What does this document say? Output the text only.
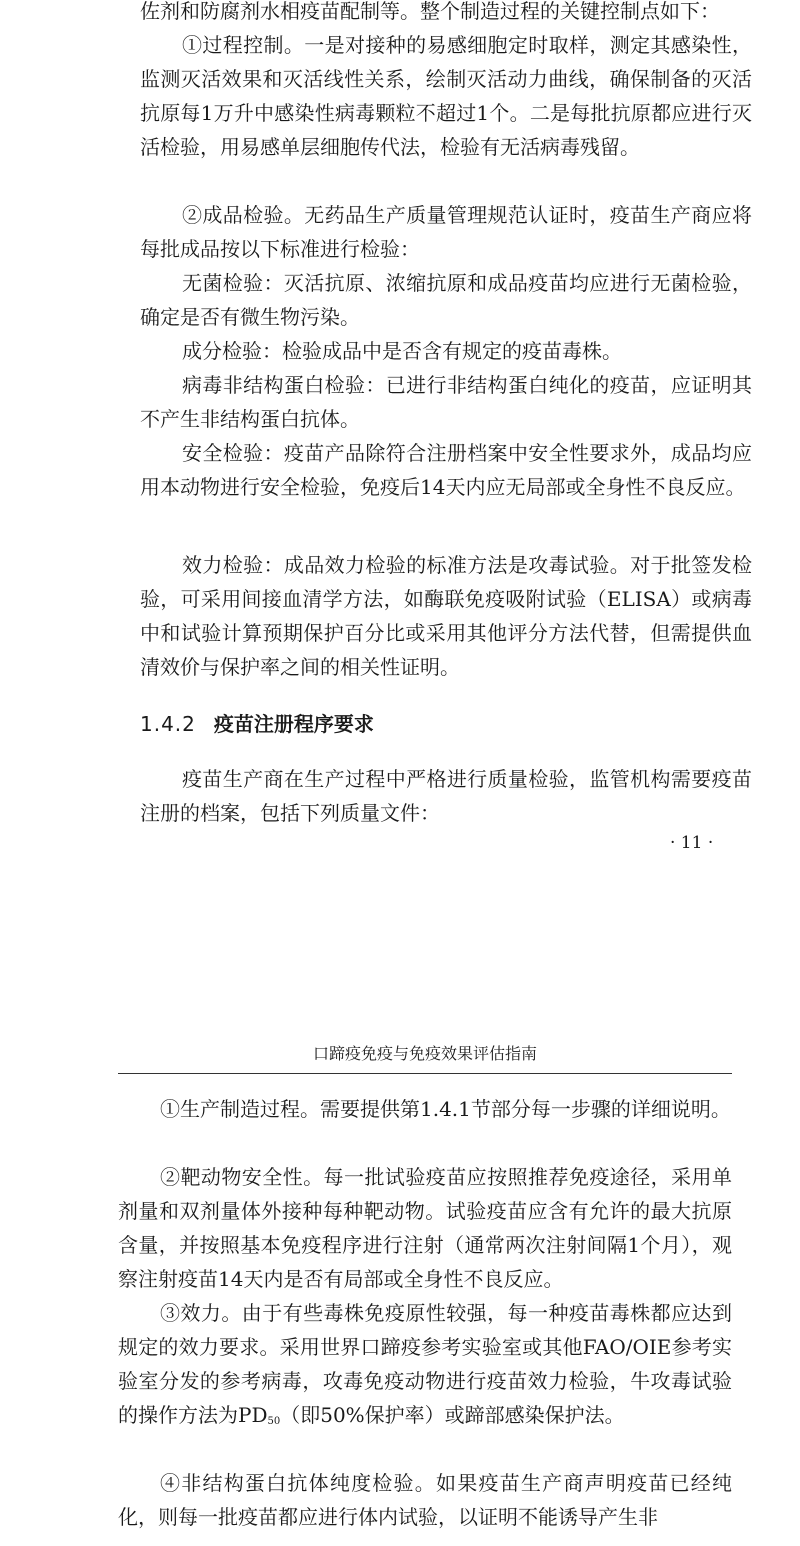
佐剂和防腐剂水相疫苗配制等。整个制造过程的关键控制点如下：

①过程控制。一是对接种的易感细胞定时取样，测定其感染性，监测灭活效果和灭活线性关系，绘制灭活动力曲线，确保制备的灭活抗原每1万升中感染性病毒颗粒不超过1个。二是每批抗原都应进行灭活检验，用易感单层细胞传代法，检验有无活病毒残留。

②成品检验。无药品生产质量管理规范认证时，疫苗生产商应将每批成品按以下标准进行检验：

无菌检验：灭活抗原、浓缩抗原和成品疫苗均应进行无菌检验，确定是否有微生物污染。

成分检验：检验成品中是否含有规定的疫苗毒株。

病毒非结构蛋白检验：已进行非结构蛋白纯化的疫苗，应证明其不产生非结构蛋白抗体。

安全检验：疫苗产品除符合注册档案中安全性要求外，成品均应用本动物进行安全检验，免疫后14天内应无局部或全身性不良反应。

效力检验：成品效力检验的标准方法是攻毒试验。对于批签发检验，可采用间接血清学方法，如酶联免疫吸附试验（ELISA）或病毒中和试验计算预期保护百分比或采用其他评分方法代替，但需提供血清效价与保护率之间的相关性证明。

1.4.2 疫苗注册程序要求

疫苗生产商在生产过程中严格进行质量检验，监管机构需要疫苗注册的档案，包括下列质量文件：

· 11 ·
口蹄疫免疫与免疫效果评估指南

①生产制造过程。需要提供第1.4.1节部分每一步骤的详细说明。

②靶动物安全性。每一批试验疫苗应按照推荐免疫途径，采用单剂量和双剂量体外接种每种靶动物。试验疫苗应含有允许的最大抗原含量，并按照基本免疫程序进行注射（通常两次注射间隔1个月），观察注射疫苗14天内是否有局部或全身性不良反应。

③效力。由于有些毒株免疫原性较强，每一种疫苗毒株都应达到规定的效力要求。采用世界口蹄疫参考实验室或其他FAO/OIE参考实验室分发的参考病毒，攻毒免疫动物进行疫苗效力检验，牛攻毒试验的操作方法为$PD_{50}$（即50%保护率）或蹄部感染保护法。

④非结构蛋白抗体纯度检验。如果疫苗生产商声明疫苗已经纯化，则每一批疫苗都应进行体内试验，以证明不能诱导产生非
